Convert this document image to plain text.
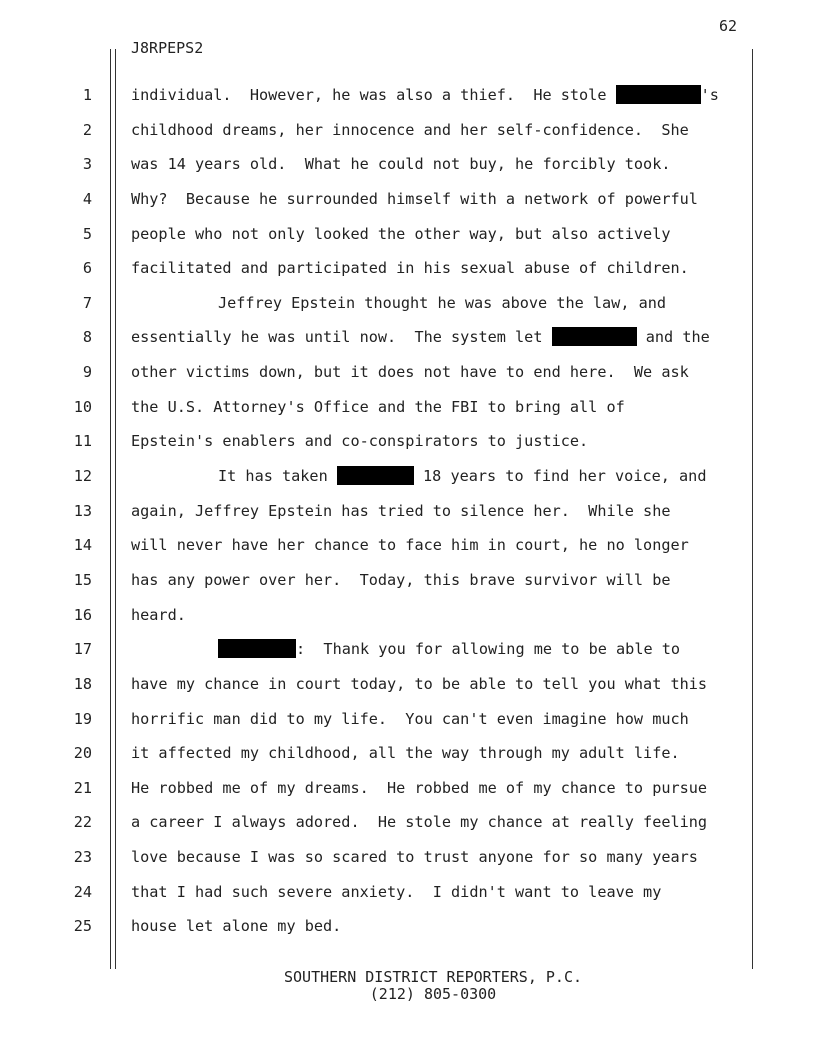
62
J8RPEPS2
1	individual.  However, he was also a thief.  He stole	's
2	childhood dreams, her innocence and her self-confidence.  She
3	was 14 years old.  What he could not buy, he forcibly took.
4	Why?  Because he surrounded himself with a network of powerful
5	people who not only looked the other way, but also actively
6	facilitated and participated in his sexual abuse of children.
7	Jeffrey Epstein thought he was above the law, and
8	essentially he was until now.  The system let	and the
9	other victims down, but it does not have to end here.  We ask
10	the U.S. Attorney's Office and the FBI to bring all of
11	Epstein's enablers and co-conspirators to justice.
12	It has taken	18 years to find her voice, and
13	again, Jeffrey Epstein has tried to silence her.  While she
14	will never have her chance to face him in court, he no longer
15	has any power over her.  Today, this brave survivor will be
16	heard.
17	:  Thank you for allowing me to be able to
18	have my chance in court today, to be able to tell you what this
19	horrific man did to my life.  You can't even imagine how much
20	it affected my childhood, all the way through my adult life.
21	He robbed me of my dreams.  He robbed me of my chance to pursue
22	a career I always adored.  He stole my chance at really feeling
23	love because I was so scared to trust anyone for so many years
24	that I had such severe anxiety.  I didn't want to leave my
25	house let alone my bed.
SOUTHERN DISTRICT REPORTERS, P.C.
(212) 805-0300
